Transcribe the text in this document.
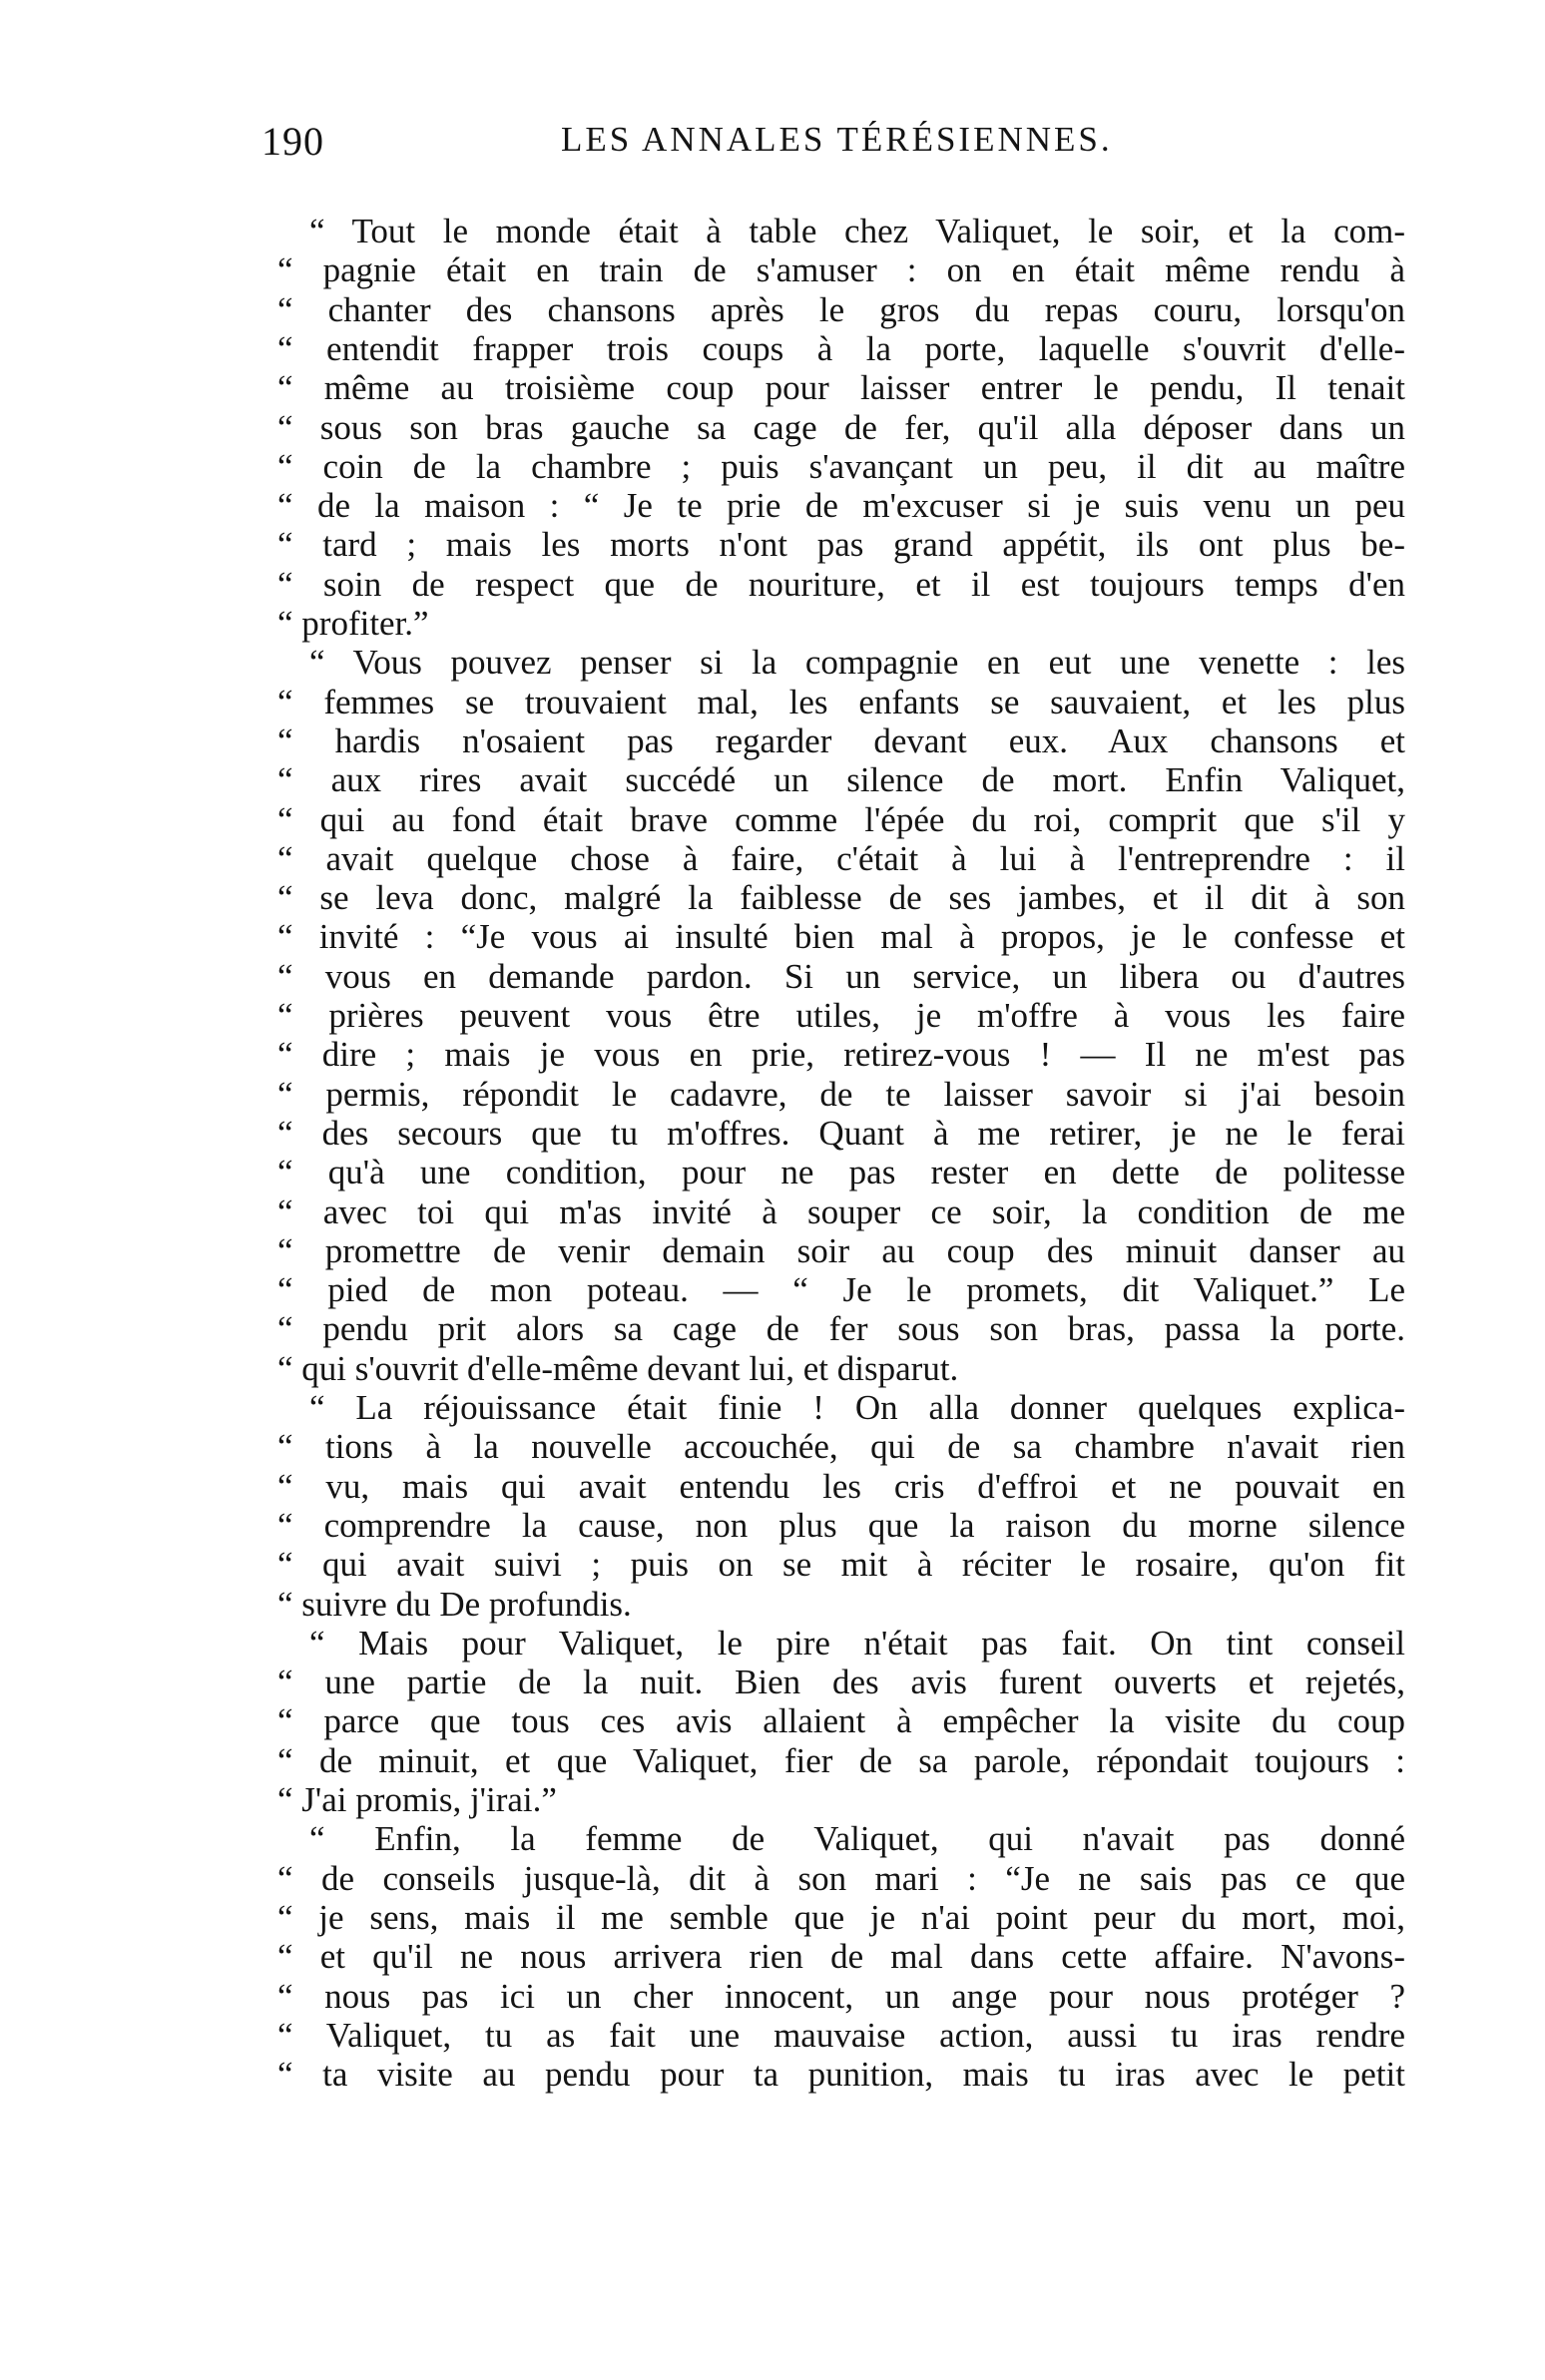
190	LES ANNALES TÉRÉSIENNES.
“ Tout le monde était à table chez Valiquet, le soir, et la com-
“ pagnie était en train de s'amuser : on en était même rendu à
“ chanter des chansons après le gros du repas couru, lorsqu'on
“ entendit frapper trois coups à la porte, laquelle s'ouvrit d'elle-
“ même au troisième coup pour laisser entrer le pendu, Il tenait
“ sous son bras gauche sa cage de fer, qu'il alla déposer dans un
“ coin de la chambre ; puis s'avançant un peu, il dit au maître
“ de la maison : “ Je te prie de m'excuser si je suis venu un peu
“ tard ; mais les morts n'ont pas grand appétit, ils ont plus be-
“ soin de respect que de nouriture, et il est toujours temps d'en
“ profiter.”
“ Vous pouvez penser si la compagnie en eut une venette : les
“ femmes se trouvaient mal, les enfants se sauvaient, et les plus
“ hardis n'osaient pas regarder devant eux. Aux chansons et
“ aux rires avait succédé un silence de mort. Enfin Valiquet,
“ qui au fond était brave comme l'épée du roi, comprit que s'il y
“ avait quelque chose à faire, c'était à lui à l'entreprendre : il
“ se leva donc, malgré la faiblesse de ses jambes, et il dit à son
“ invité : “Je vous ai insulté bien mal à propos, je le confesse et
“ vous en demande pardon. Si un service, un libera ou d'autres
“ prières peuvent vous être utiles, je m'offre à vous les faire
“ dire ; mais je vous en prie, retirez-vous ! — Il ne m'est pas
“ permis, répondit le cadavre, de te laisser savoir si j'ai besoin
“ des secours que tu m'offres. Quant à me retirer, je ne le ferai
“ qu'à une condition, pour ne pas rester en dette de politesse
“ avec toi qui m'as invité à souper ce soir, la condition de me
“ promettre de venir demain soir au coup des minuit danser au
“ pied de mon poteau. — “ Je le promets, dit Valiquet.” Le
“ pendu prit alors sa cage de fer sous son bras, passa la porte.
“ qui s'ouvrit d'elle-même devant lui, et disparut.
“ La réjouissance était finie ! On alla donner quelques explica-
“ tions à la nouvelle accouchée, qui de sa chambre n'avait rien
“ vu, mais qui avait entendu les cris d'effroi et ne pouvait en
“ comprendre la cause, non plus que la raison du morne silence
“ qui avait suivi ; puis on se mit à réciter le rosaire, qu'on fit
“ suivre du De profundis.
“ Mais pour Valiquet, le pire n'était pas fait. On tint conseil
“ une partie de la nuit. Bien des avis furent ouverts et rejetés,
“ parce que tous ces avis allaient à empêcher la visite du coup
“ de minuit, et que Valiquet, fier de sa parole, répondait toujours :
“ J'ai promis, j'irai.”
“ Enfin, la femme de Valiquet, qui n'avait pas donné
“ de conseils jusque-là, dit à son mari : “Je ne sais pas ce que
“ je sens, mais il me semble que je n'ai point peur du mort, moi,
“ et qu'il ne nous arrivera rien de mal dans cette affaire. N'avons-
“ nous pas ici un cher innocent, un ange pour nous protéger ?
“ Valiquet, tu as fait une mauvaise action, aussi tu iras rendre
“ ta visite au pendu pour ta punition, mais tu iras avec le petit
